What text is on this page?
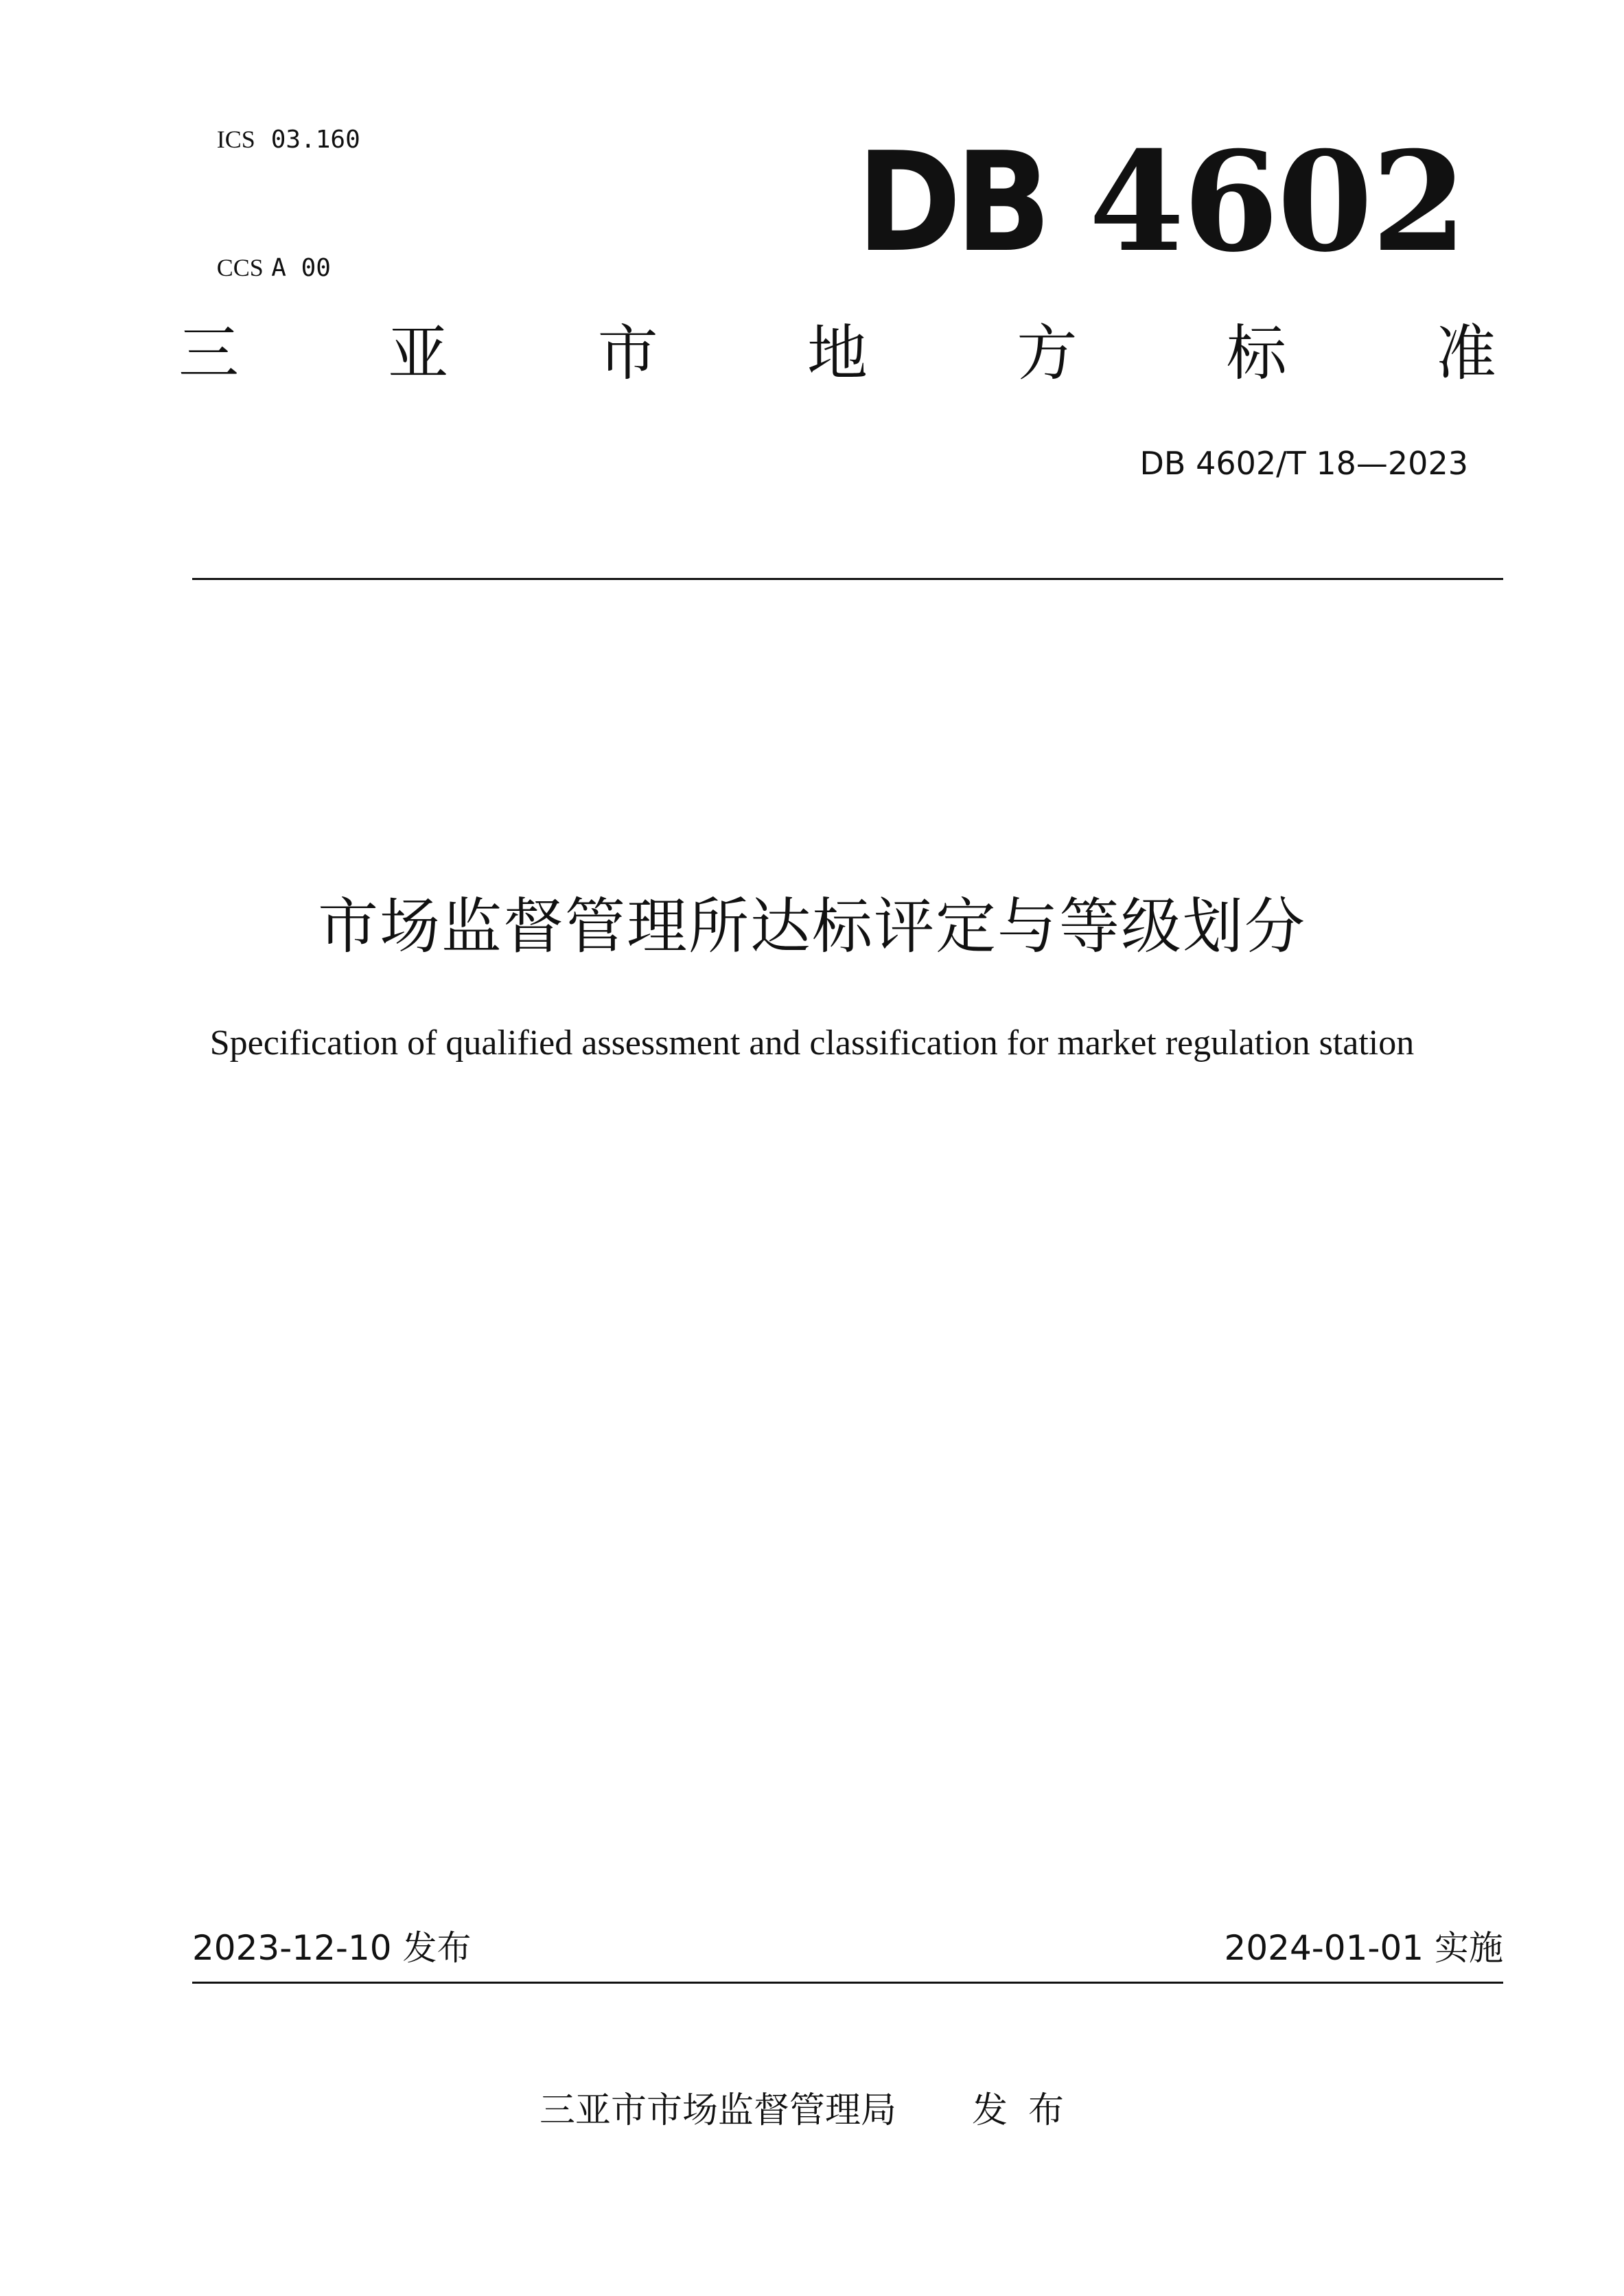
ICS 03.160

CCS A 00
	DB 4602
三 亚 市 地 方 标 准
DB 4602/T 18—2023
市场监督管理所达标评定与等级划分
Specification of qualified assessment and classification for market regulation station
2023-12-10 发布	2024-01-01 实施
三亚市市场监督管理局 发布
